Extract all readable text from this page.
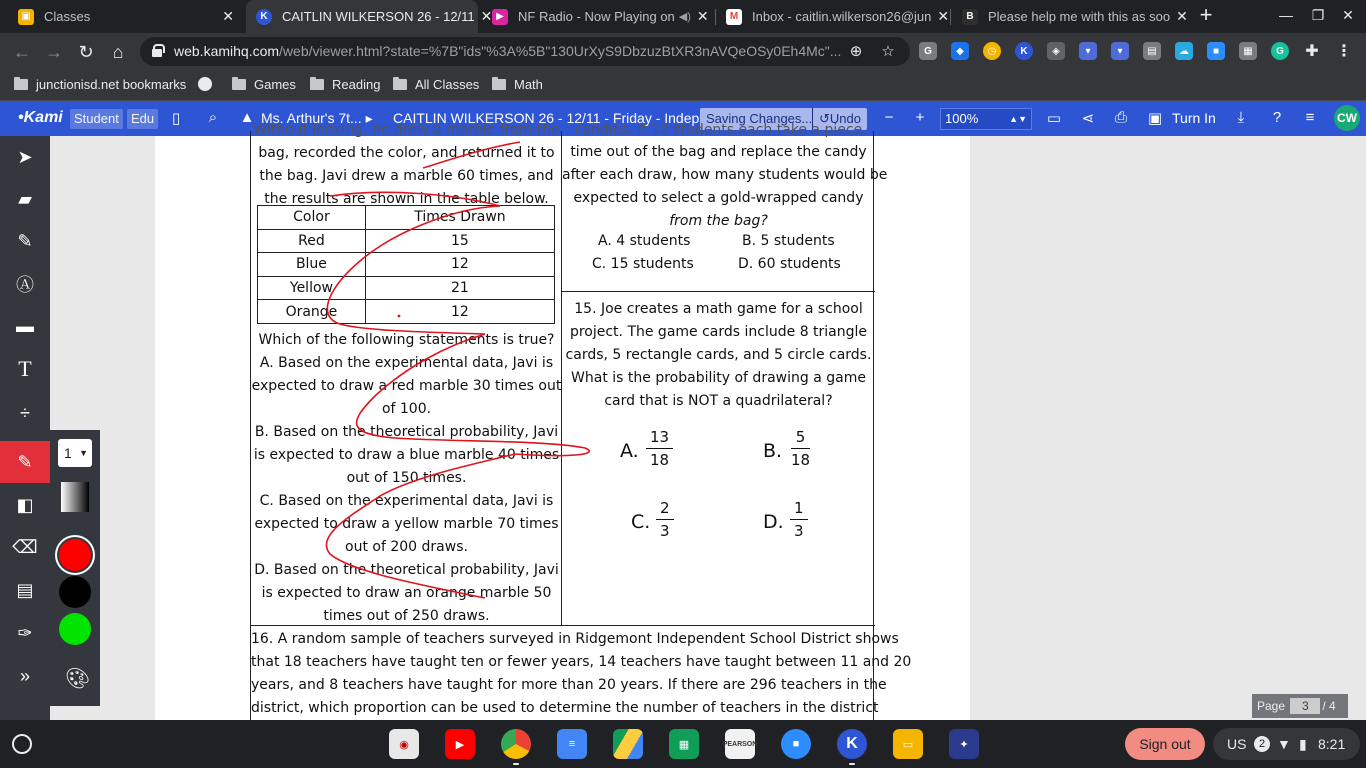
▣ Classes	✕	K	CAITLIN WILKERSON 26 - 12/11 ✕ ▶	NF Radio - Now Playing on ◀) ✕	M Inbox - caitlin.wilkerson26@jun ✕	B	Please help me with this as soo ✕ +	— ❐ ✕
← → ↻	⌂	web.kamihq.com/web/viewer.html?state=%7B"ids"%3A%5B"130UrXyS9DbzuzBtXR3nAVQeOSy0Eh4Mc"... ⊕ ☆	G	◆	◷	K	◈	▾	▾	▤	☁	■	▦	G	✚ ⋮
junctionisd.net bookmarks	Games	Reading	All Classes	Math
•Kami Student Edu	▯	⌕	▲ Ms. Arthur's 7t... ▸	CAITLIN WILKERSON 26 - 12/11 - Friday - Indep Saving Changes... ↺Undo	−	+	100%	▲▼ ▭	⋖	⎙	▣ Turn In	⤓	?	≡	CW
Without looking, he drew a marble from the
bag, recorded the color, and returned it to
the bag. Javi drew a marble 60 times, and
the results are shown in the table below.
Color	Times Drawn
Red	15
Blue	12
Yellow	21
Orange	12
Which of the following statements is true?
A. Based on the experimental data, Javi is
expected to draw a red marble 30 times out
of 100.
B. Based on the theoretical probability, Javi
is expected to draw a blue marble 40 times
out of 150 times.
C. Based on the experimental data, Javi is
expected to draw a yellow marble 70 times
out of 200 draws.
D. Based on the theoretical probability, Javi
is expected to draw an orange marble 50
times out of 250 draws.
candies. If 12 students each take a piece
time out of the bag and replace the candy
after each draw, how many students would be
expected to select a gold-wrapped candy
from the bag?
A. 4 students	B. 5 students
C. 15 students	D. 60 students
15. Joe creates a math game for a school
project. The game cards include 8 triangle
cards, 5 rectangle cards, and 5 circle cards.
What is the probability of drawing a game
card that is NOT a quadrilateral?
A. $\frac{13}{18}$	B. $\frac{5}{18}$
C. $\frac{2}{3}$	D. $\frac{1}{3}$
16. A random sample of teachers surveyed in Ridgemont Independent School District shows
that 18 teachers have taught ten or fewer years, 14 teachers have taught between 11 and 20
years, and 8 teachers have taught for more than 20 years. If there are 296 teachers in the
district, which proportion can be used to determine the number of teachers in the district	Page 3 / 4
➤
▰
✎
Ⓐ
▬
T
÷
✎
◧
⌫
▤
✑
»
1 ▼
🎨︎
◉	▶	≡	▦	PEARSON	■	K	▭	✦	Sign out	US	2 ▼ ▮ 8:21
